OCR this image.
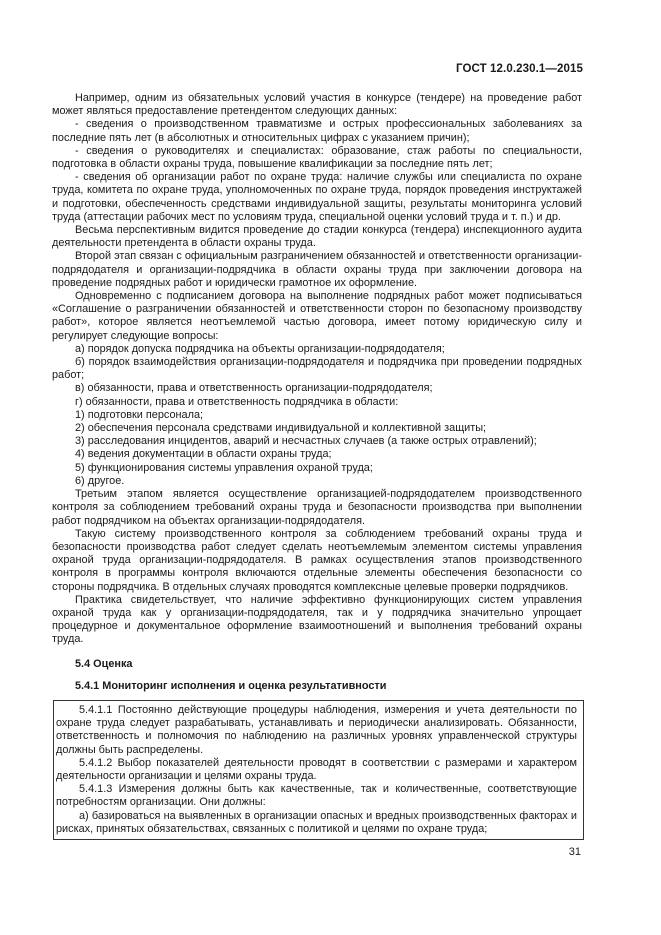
ГОСТ 12.0.230.1—2015

Например, одним из обязательных условий участия в конкурсе (тендере) на проведение работ может являться предоставление претендентом следующих данных:

- сведения о производственном травматизме и острых профессиональных заболеваниях за последние пять лет (в абсолютных и относительных цифрах с указанием причин);

- сведения о руководителях и специалистах: образование, стаж работы по специальности, подготовка в области охраны труда, повышение квалификации за последние пять лет;

- сведения об организации работ по охране труда: наличие службы или специалиста по охране труда, комитета по охране труда, уполномоченных по охране труда, порядок проведения инструктажей и подготовки, обеспеченность средствами индивидуальной защиты, результаты мониторинга условий труда (аттестации рабочих мест по условиям труда, специальной оценки условий труда и т. п.) и др.

Весьма перспективным видится проведение до стадии конкурса (тендера) инспекционного аудита деятельности претендента в области охраны труда.

Второй этап связан с официальным разграничением обязанностей и ответственности организации-подрядодателя и организации-подрядчика в области охраны труда при заключении договора на проведение подрядных работ и юридически грамотное их оформление.

Одновременно с подписанием договора на выполнение подрядных работ может подписываться «Соглашение о разграничении обязанностей и ответственности сторон по безопасному производству работ», которое является неотъемлемой частью договора, имеет потому юридическую силу и регулирует следующие вопросы:

а) порядок допуска подрядчика на объекты организации-подрядодателя;

б) порядок взаимодействия организации-подрядодателя и подрядчика при проведении подрядных работ;

в) обязанности, права и ответственность организации-подрядодателя;

г) обязанности, права и ответственность подрядчика в области:

1) подготовки персонала;

2) обеспечения персонала средствами индивидуальной и коллективной защиты;

3) расследования инцидентов, аварий и несчастных случаев (а также острых отравлений);

4) ведения документации в области охраны труда;

5) функционирования системы управления охраной труда;

6) другое.

Третьим этапом является осуществление организацией-подрядодателем производственного контроля за соблюдением требований охраны труда и безопасности производства при выполнении работ подрядчиком на объектах организации-подрядодателя.

Такую систему производственного контроля за соблюдением требований охраны труда и безопасности производства работ следует сделать неотъемлемым элементом системы управления охраной труда организации-подрядодателя. В рамках осуществления этапов производственного контроля в программы контроля включаются отдельные элементы обеспечения безопасности со стороны подрядчика. В отдельных случаях проводятся комплексные целевые проверки подрядчиков.

Практика свидетельствует, что наличие эффективно функционирующих систем управления охраной труда как у организации-подрядодателя, так и у подрядчика значительно упрощает процедурное и документальное оформление взаимоотношений и выполнения требований охраны труда.

5.4 Оценка

5.4.1 Мониторинг исполнения и оценка результативности

5.4.1.1 Постоянно действующие процедуры наблюдения, измерения и учета деятельности по охране труда следует разрабатывать, устанавливать и периодически анализировать. Обязанности, ответственность и полномочия по наблюдению на различных уровнях управленческой структуры должны быть распределены.

5.4.1.2 Выбор показателей деятельности проводят в соответствии с размерами и характером деятельности организации и целями охраны труда.

5.4.1.3 Измерения должны быть как качественные, так и количественные, соответствующие потребностям организации. Они должны:

а) базироваться на выявленных в организации опасных и вредных производственных факторах и рисках, принятых обязательствах, связанных с политикой и целями по охране труда;

31
